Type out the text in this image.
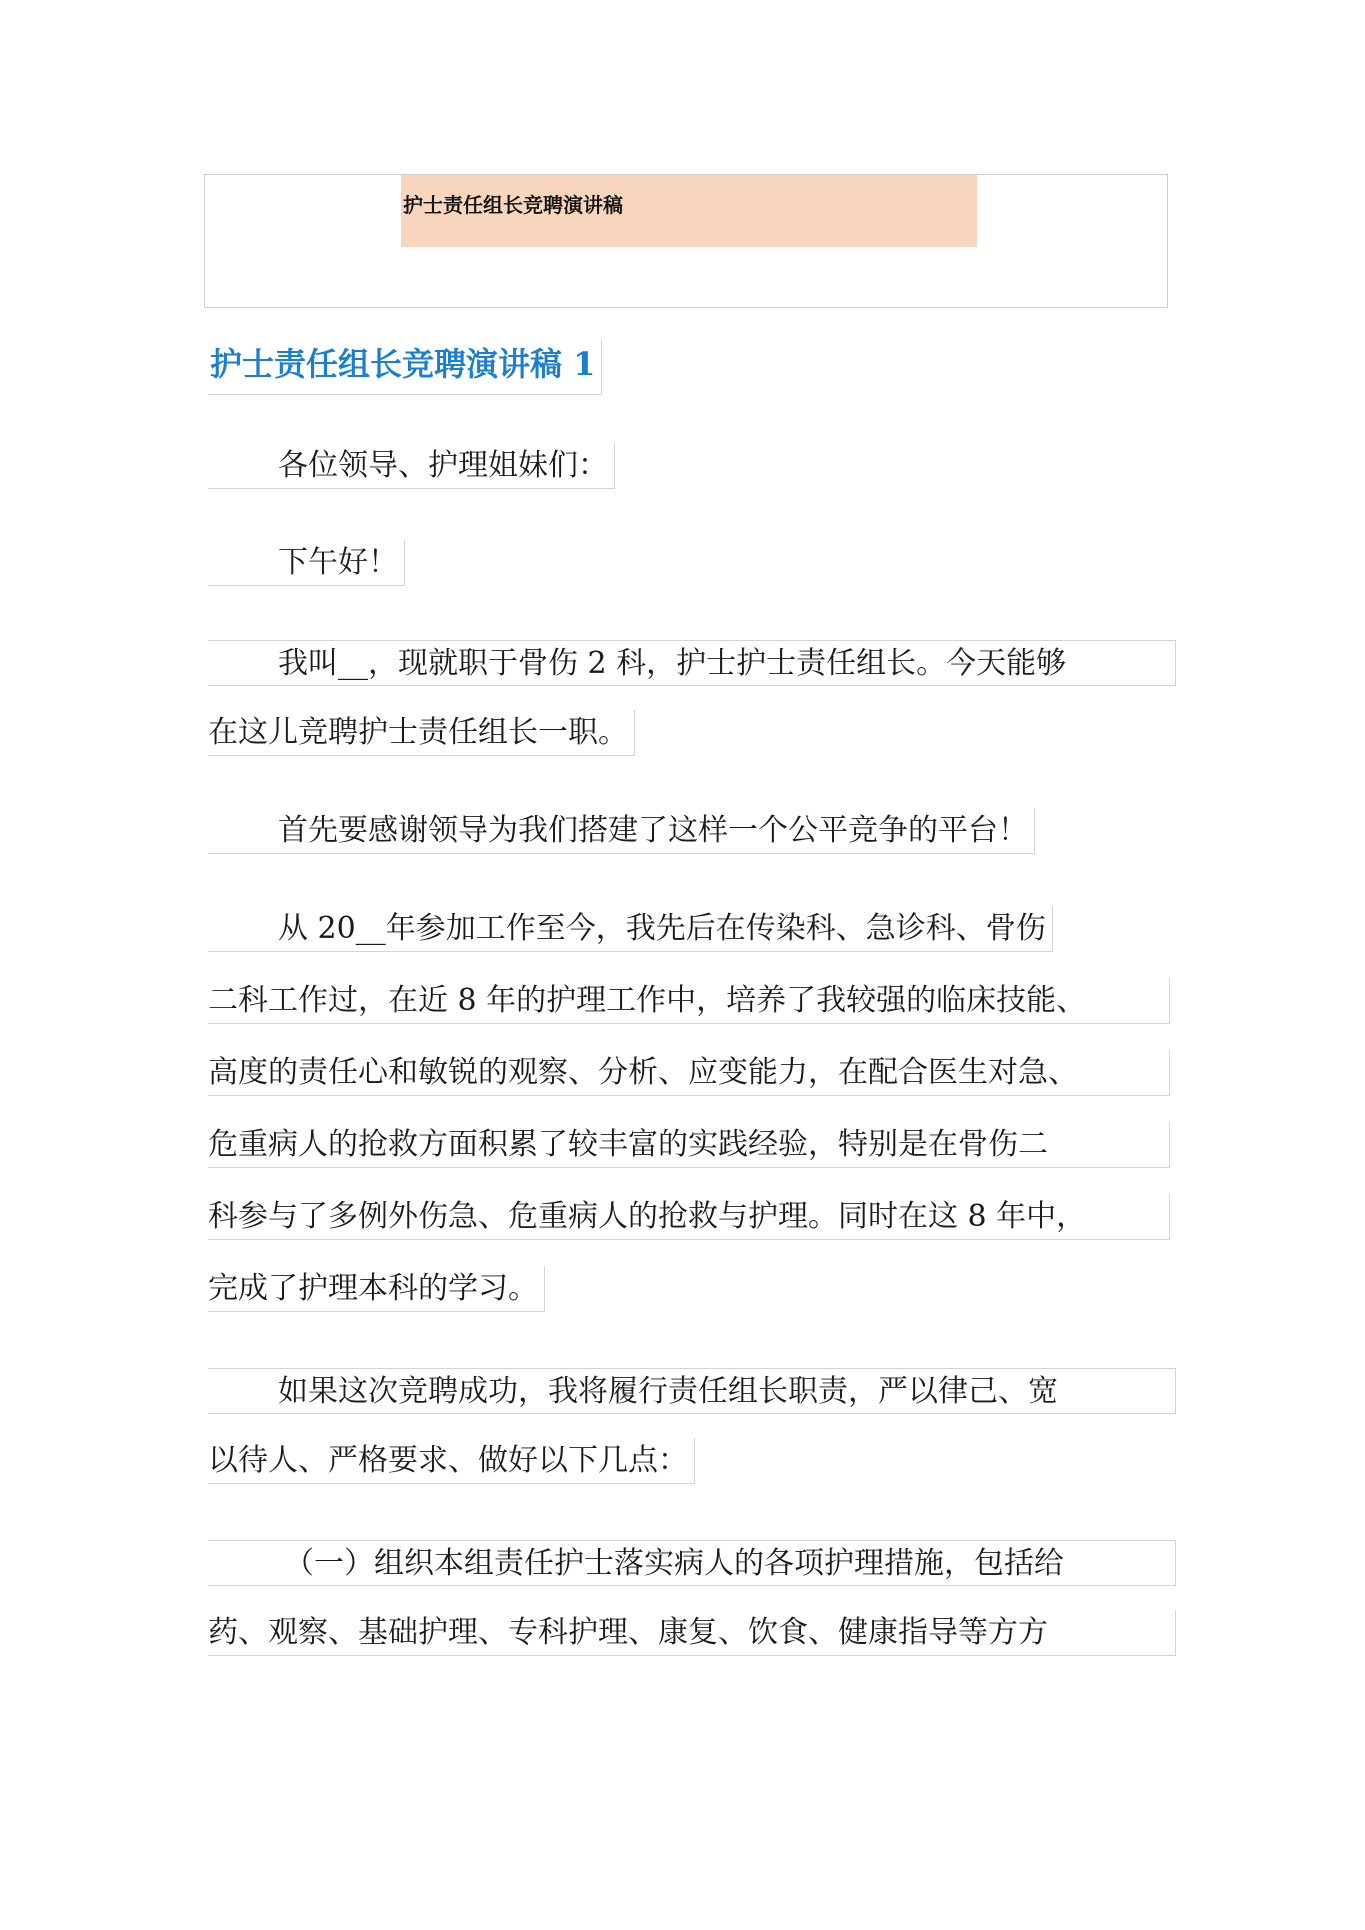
护士责任组长竞聘演讲稿
护士责任组长竞聘演讲稿 1
各位领导、护理姐妹们：
下午好！
我叫__，现就职于骨伤 2 科，护士护士责任组长。今天能够
在这儿竞聘护士责任组长一职。
首先要感谢领导为我们搭建了这样一个公平竞争的平台！
从 20__年参加工作至今，我先后在传染科、急诊科、骨伤
二科工作过，在近 8 年的护理工作中，培养了我较强的临床技能、
高度的责任心和敏锐的观察、分析、应变能力，在配合医生对急、
危重病人的抢救方面积累了较丰富的实践经验，特别是在骨伤二
科参与了多例外伤急、危重病人的抢救与护理。同时在这 8 年中，
完成了护理本科的学习。
如果这次竞聘成功，我将履行责任组长职责，严以律己、宽
以待人、严格要求、做好以下几点：
（一）组织本组责任护士落实病人的各项护理措施，包括给
药、观察、基础护理、专科护理、康复、饮食、健康指导等方方
